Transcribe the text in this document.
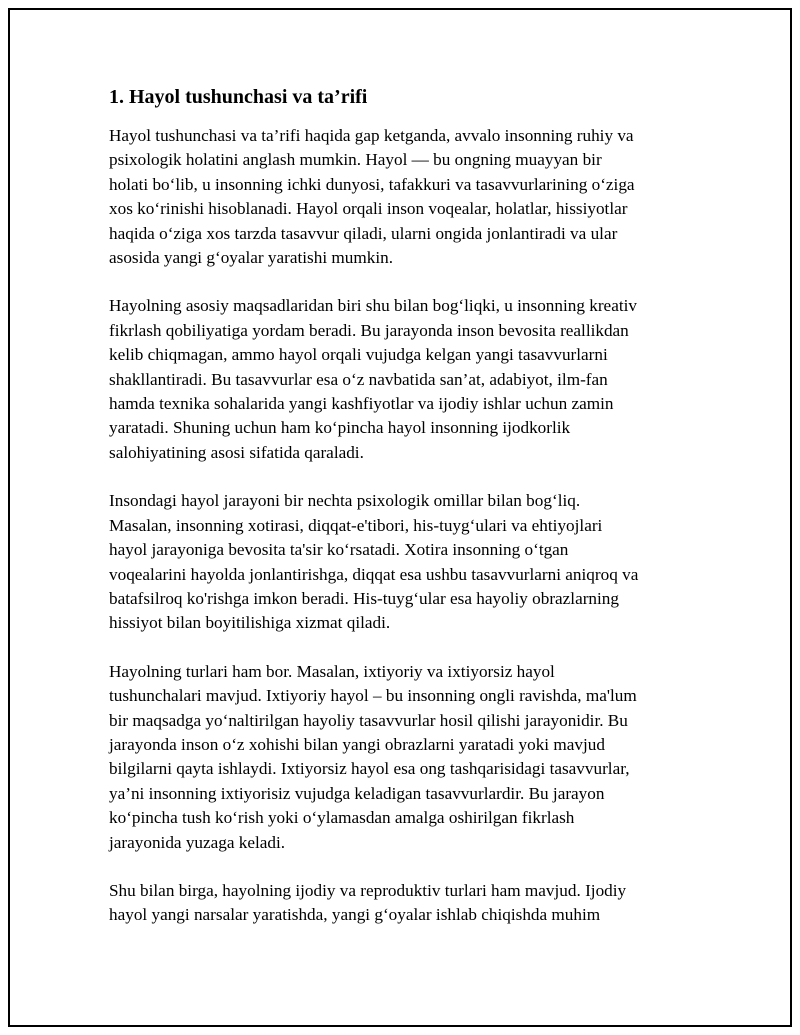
1. Hayol tushunchasi va ta’rifi

Hayol tushunchasi va ta’rifi haqida gap ketganda, avvalo insonning ruhiy va
psixologik holatini anglash mumkin. Hayol — bu ongning muayyan bir
holati bo‘lib, u insonning ichki dunyosi, tafakkuri va tasavvurlarining o‘ziga
xos ko‘rinishi hisoblanadi. Hayol orqali inson voqealar, holatlar, hissiyotlar
haqida o‘ziga xos tarzda tasavvur qiladi, ularni ongida jonlantiradi va ular
asosida yangi g‘oyalar yaratishi mumkin.

Hayolning asosiy maqsadlaridan biri shu bilan bog‘liqki, u insonning kreativ
fikrlash qobiliyatiga yordam beradi. Bu jarayonda inson bevosita reallikdan
kelib chiqmagan, ammo hayol orqali vujudga kelgan yangi tasavvurlarni
shakllantiradi. Bu tasavvurlar esa o‘z navbatida san’at, adabiyot, ilm-fan
hamda texnika sohalarida yangi kashfiyotlar va ijodiy ishlar uchun zamin
yaratadi. Shuning uchun ham ko‘pincha hayol insonning ijodkorlik
salohiyatining asosi sifatida qaraladi.

Insondagi hayol jarayoni bir nechta psixologik omillar bilan bog‘liq.
Masalan, insonning xotirasi, diqqat-e'tibori, his-tuyg‘ulari va ehtiyojlari
hayol jarayoniga bevosita ta'sir ko‘rsatadi. Xotira insonning o‘tgan
voqealarini hayolda jonlantirishga, diqqat esa ushbu tasavvurlarni aniqroq va
batafsilroq ko'rishga imkon beradi. His-tuyg‘ular esa hayoliy obrazlarning
hissiyot bilan boyitilishiga xizmat qiladi.

Hayolning turlari ham bor. Masalan, ixtiyoriy va ixtiyorsiz hayol
tushunchalari mavjud. Ixtiyoriy hayol – bu insonning ongli ravishda, ma'lum
bir maqsadga yo‘naltirilgan hayoliy tasavvurlar hosil qilishi jarayonidir. Bu
jarayonda inson o‘z xohishi bilan yangi obrazlarni yaratadi yoki mavjud
bilgilarni qayta ishlaydi. Ixtiyorsiz hayol esa ong tashqarisidagi tasavvurlar,
ya’ni insonning ixtiyorisiz vujudga keladigan tasavvurlardir. Bu jarayon
ko‘pincha tush ko‘rish yoki o‘ylamasdan amalga oshirilgan fikrlash
jarayonida yuzaga keladi.

Shu bilan birga, hayolning ijodiy va reproduktiv turlari ham mavjud. Ijodiy
hayol yangi narsalar yaratishda, yangi g‘oyalar ishlab chiqishda muhim
